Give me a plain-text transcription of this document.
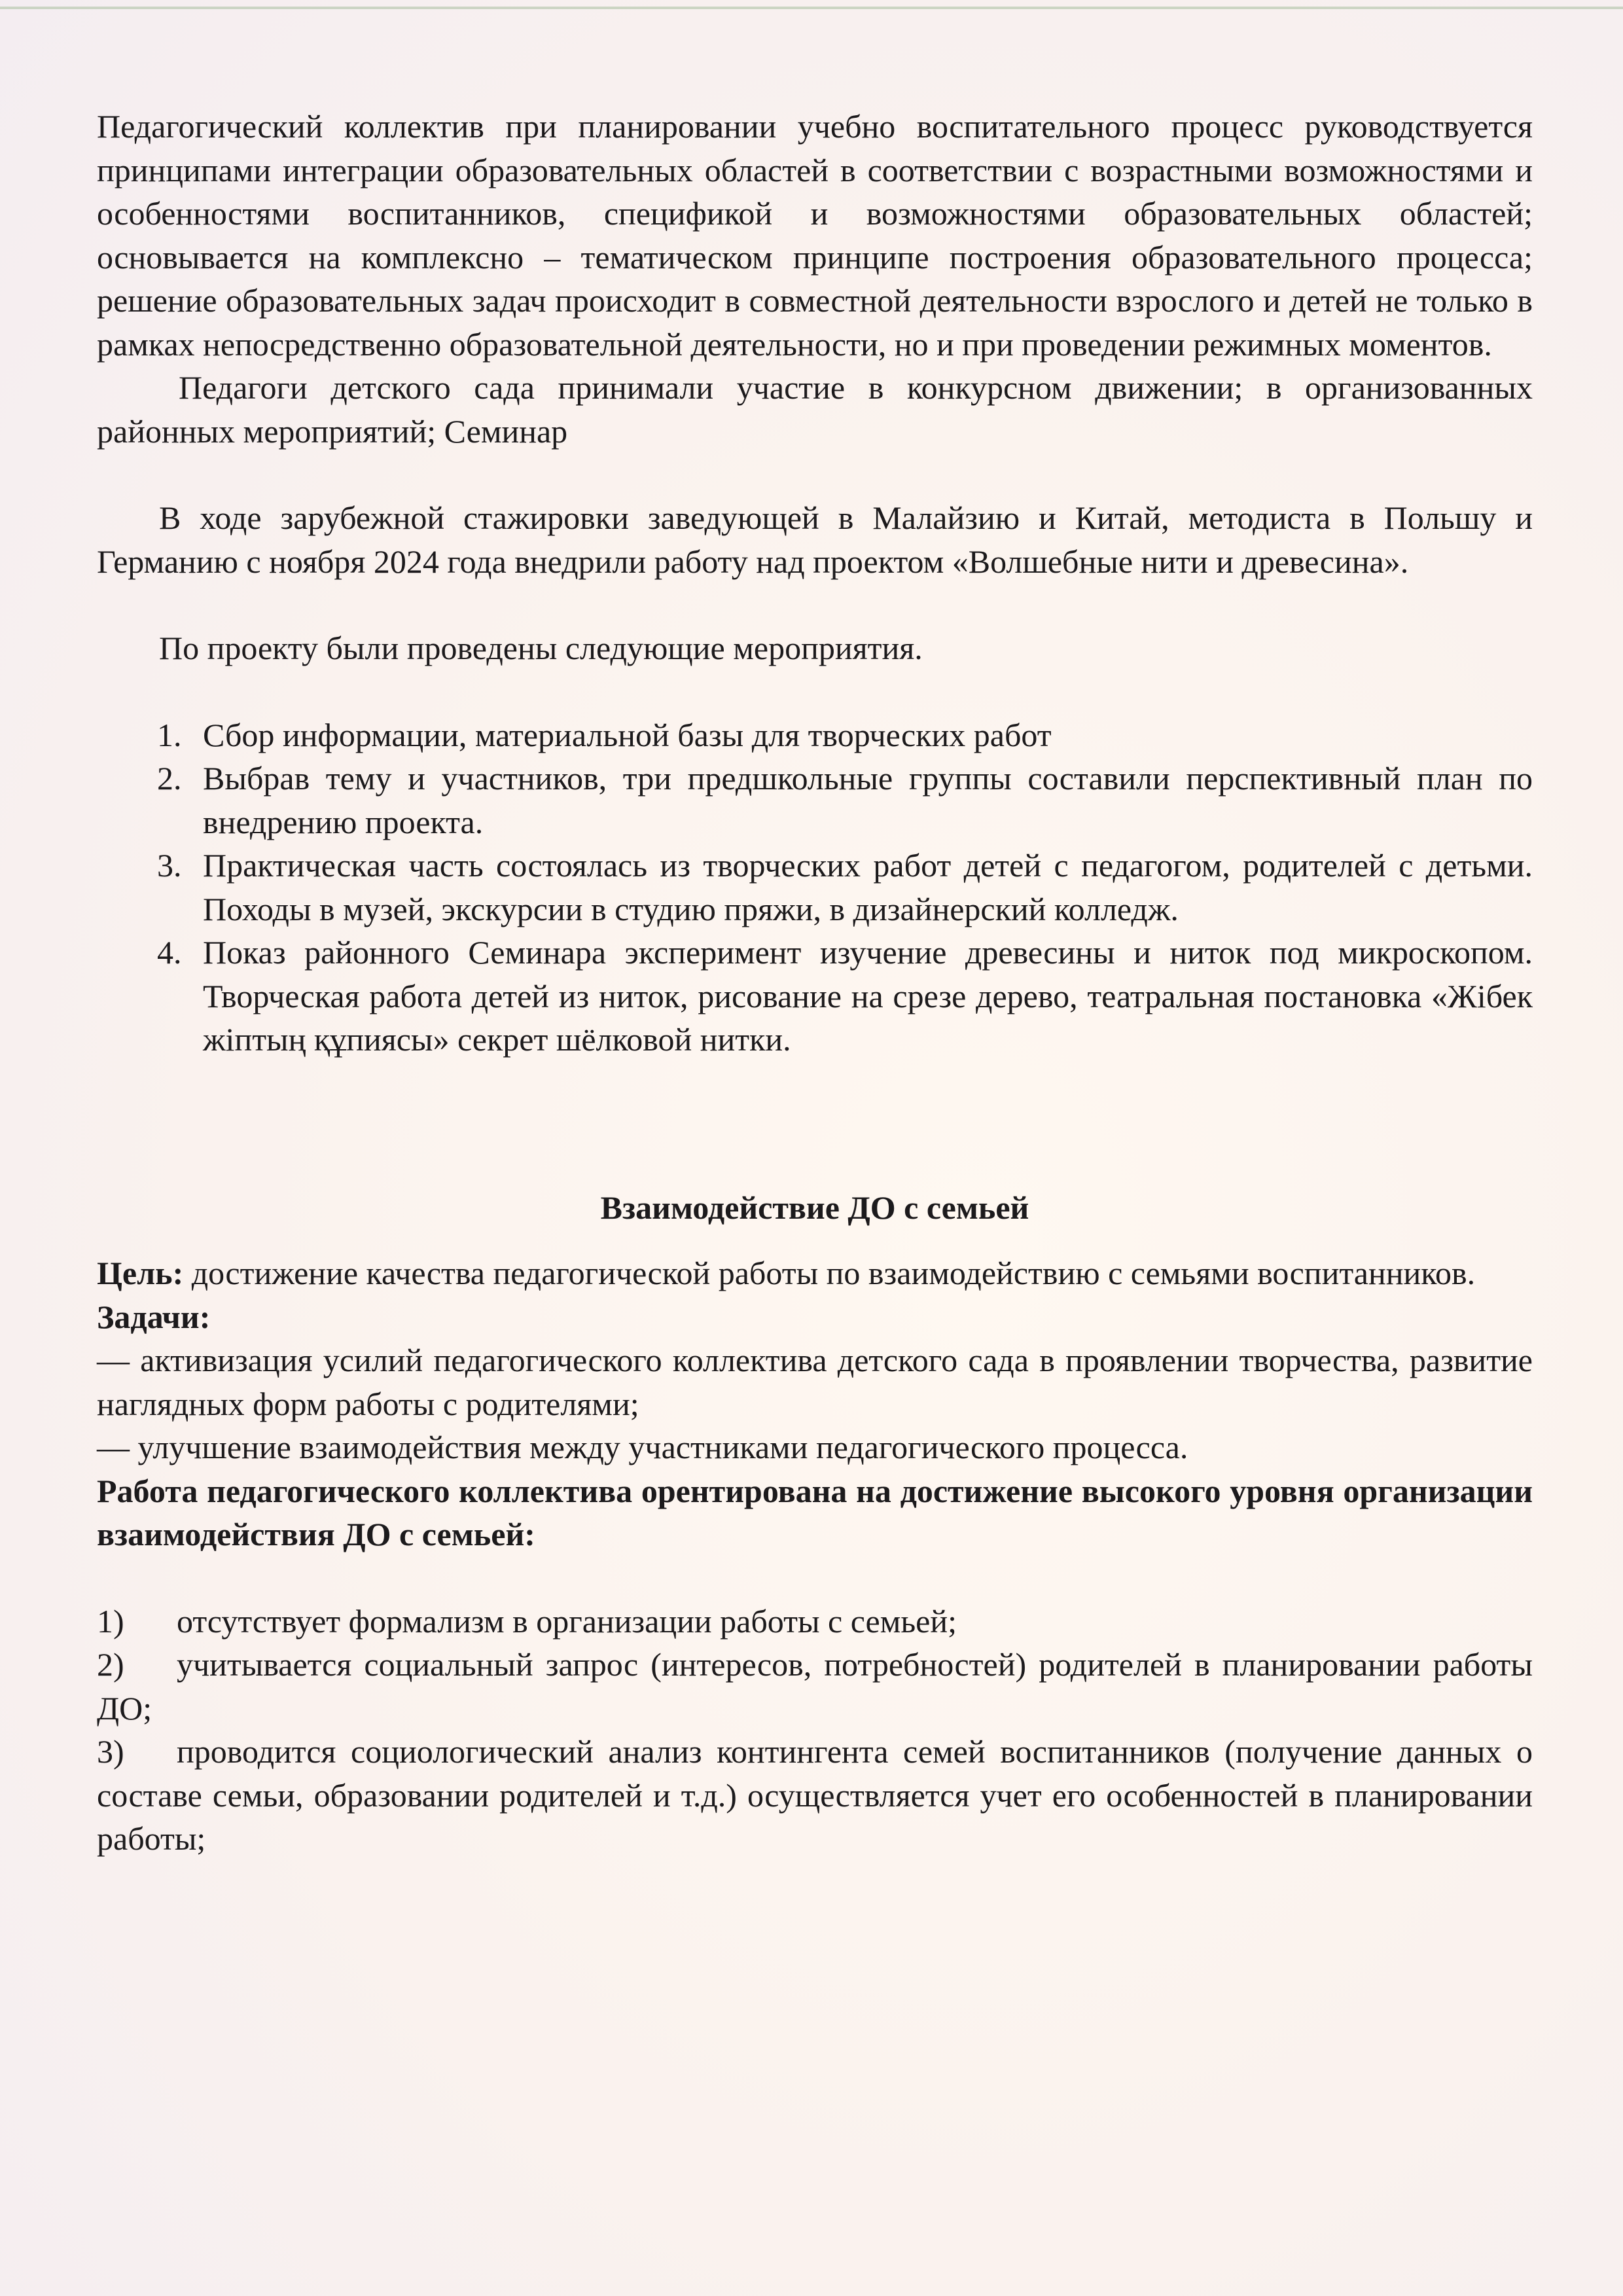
Педагогический коллектив при планировании учебно воспитательного процесс руководствуется принципами интеграции образовательных областей в соответствии с возрастными возможностями и особенностями воспитанников, спецификой и возможностями образовательных областей; основывается на комплексно – тематическом принципе построения образовательного процесса; решение образовательных задач происходит в совместной деятельности взрослого и детей не только в рамках непосредственно образовательной деятельности, но и при проведении режимных моментов.

Педагоги детского сада принимали участие в конкурсном движении; в организованных районных мероприятий; Семинар

В ходе зарубежной стажировки заведующей в Малайзию и Китай, методиста в Польшу и Германию с ноября 2024 года внедрили работу над проектом «Волшебные нити и древесина».

По проекту были проведены следующие мероприятия.

1. Сбор информации, материальной базы для творческих работ
2. Выбрав тему и участников, три предшкольные группы составили перспективный план по внедрению проекта.
3. Практическая часть состоялась из творческих работ детей с педагогом, родителей с детьми. Походы в музей, экскурсии в студию пряжи, в дизайнерский колледж.
4. Показ районного Семинара эксперимент изучение древесины и ниток под микроскопом. Творческая работа детей из ниток, рисование на срезе дерево, театральная постановка «Жібек жіптың құпиясы» секрет шёлковой нитки.

Взаимодействие ДО с семьей

Цель: достижение качества педагогической работы по взаимодействию с семьями воспитанников.

Задачи:

— активизация усилий педагогического коллектива детского сада в проявлении творчества, развитие наглядных форм работы с родителями;

— улучшение взаимодействия между участниками педагогического процесса.

Работа педагогического коллектива орентирована на достижение высокого уровня организации взаимодействия ДО с семьей:

1) отсутствует формализм в организации работы с семьей;

2) учитывается социальный запрос (интересов, потребностей) родителей в планировании работы ДО;

3) проводится социологический анализ контингента семей воспитанников (получение данных о составе семьи, образовании родителей и т.д.) осуществляется учет его особенностей в планировании работы;
